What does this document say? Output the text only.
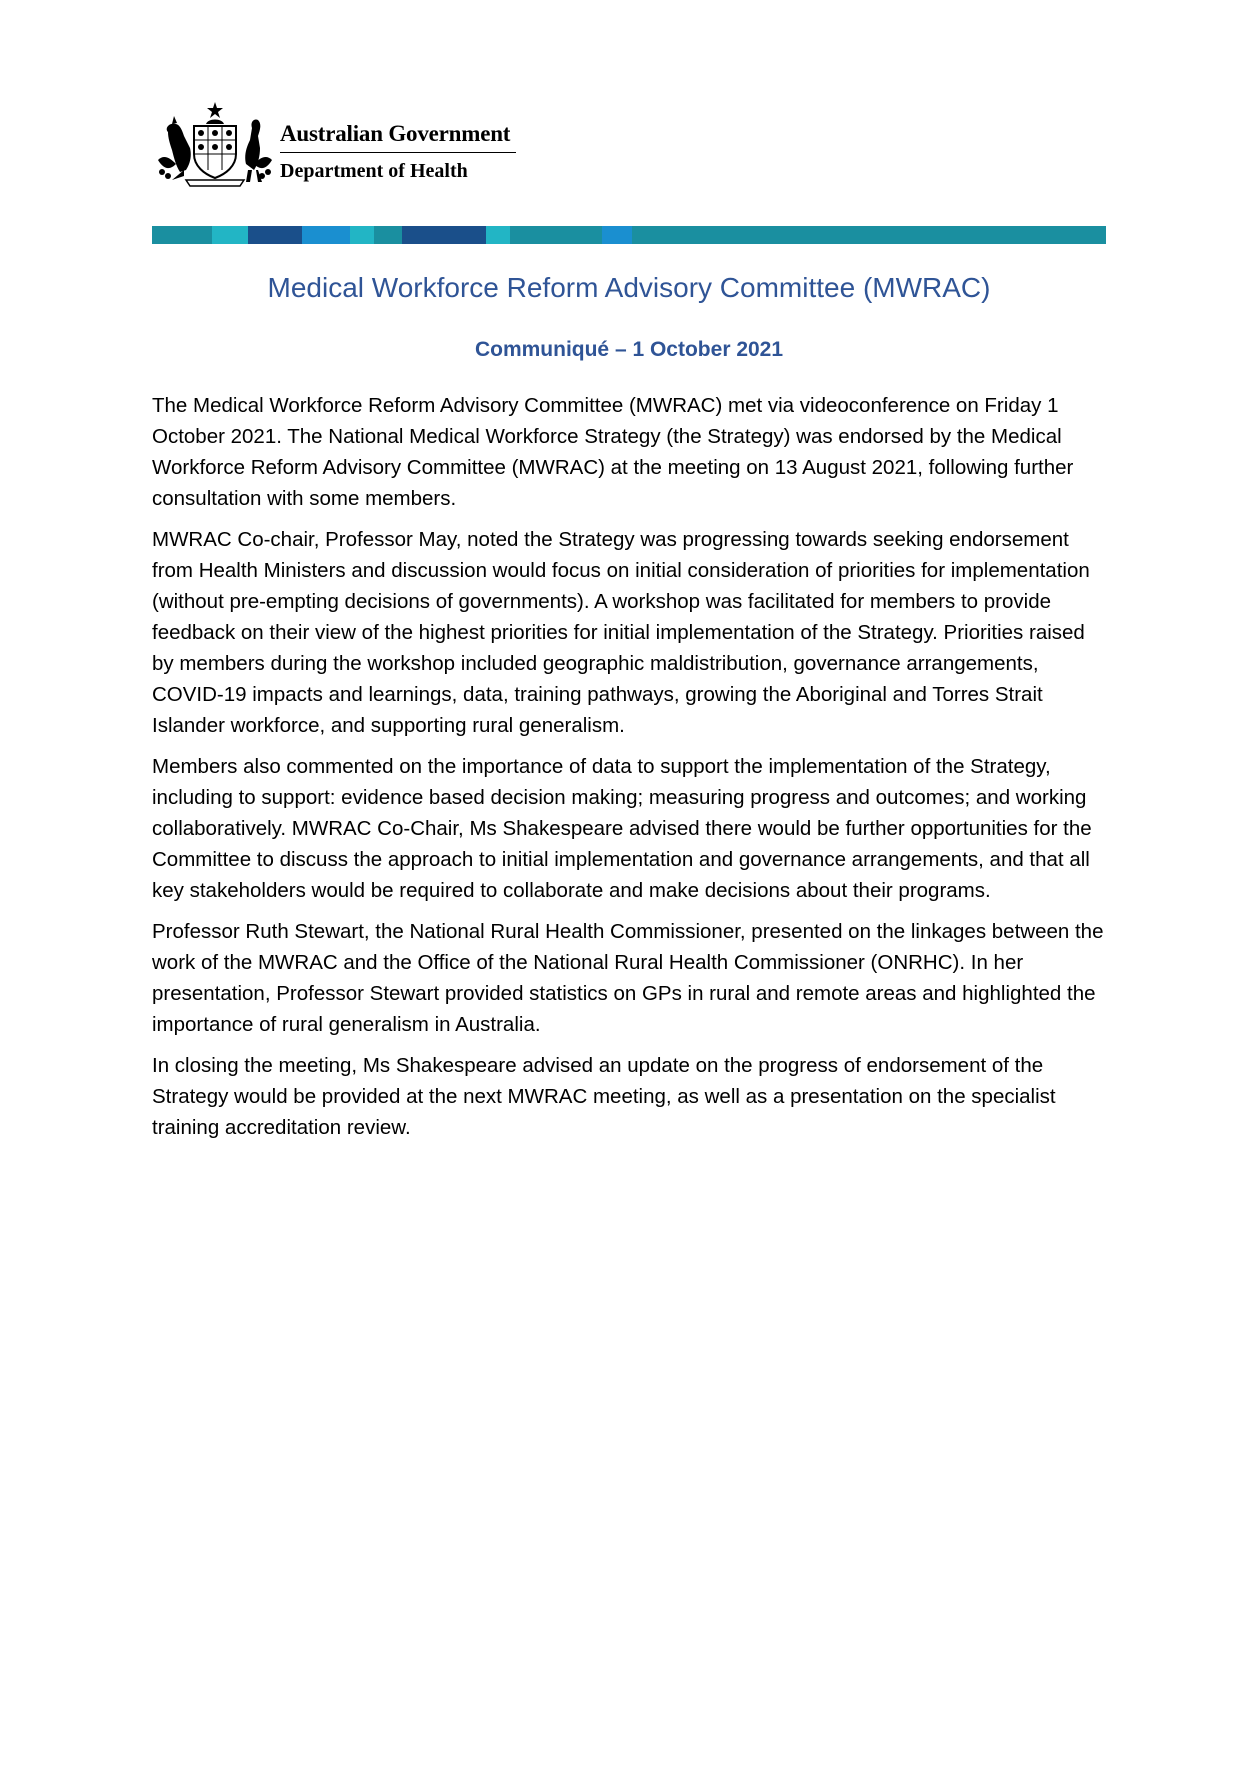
Australian Government
Department of Health
Medical Workforce Reform Advisory Committee (MWRAC)
Communiqué – 1 October 2021

The Medical Workforce Reform Advisory Committee (MWRAC) met via videoconference on Friday 1 October 2021. The National Medical Workforce Strategy (the Strategy) was endorsed by the Medical Workforce Reform Advisory Committee (MWRAC) at the meeting on 13 August 2021, following further consultation with some members.

MWRAC Co-chair, Professor May, noted the Strategy was progressing towards seeking endorsement from Health Ministers and discussion would focus on initial consideration of priorities for implementation (without pre-empting decisions of governments). A workshop was facilitated for members to provide feedback on their view of the highest priorities for initial implementation of the Strategy. Priorities raised by members during the workshop included geographic maldistribution, governance arrangements, COVID-19 impacts and learnings, data, training pathways, growing the Aboriginal and Torres Strait Islander workforce, and supporting rural generalism.

Members also commented on the importance of data to support the implementation of the Strategy, including to support: evidence based decision making; measuring progress and outcomes; and working collaboratively. MWRAC Co-Chair, Ms Shakespeare advised there would be further opportunities for the Committee to discuss the approach to initial implementation and governance arrangements, and that all key stakeholders would be required to collaborate and make decisions about their programs.

Professor Ruth Stewart, the National Rural Health Commissioner, presented on the linkages between the work of the MWRAC and the Office of the National Rural Health Commissioner (ONRHC). In her presentation, Professor Stewart provided statistics on GPs in rural and remote areas and highlighted the importance of rural generalism in Australia.

In closing the meeting, Ms Shakespeare advised an update on the progress of endorsement of the Strategy would be provided at the next MWRAC meeting, as well as a presentation on the specialist training accreditation review.
